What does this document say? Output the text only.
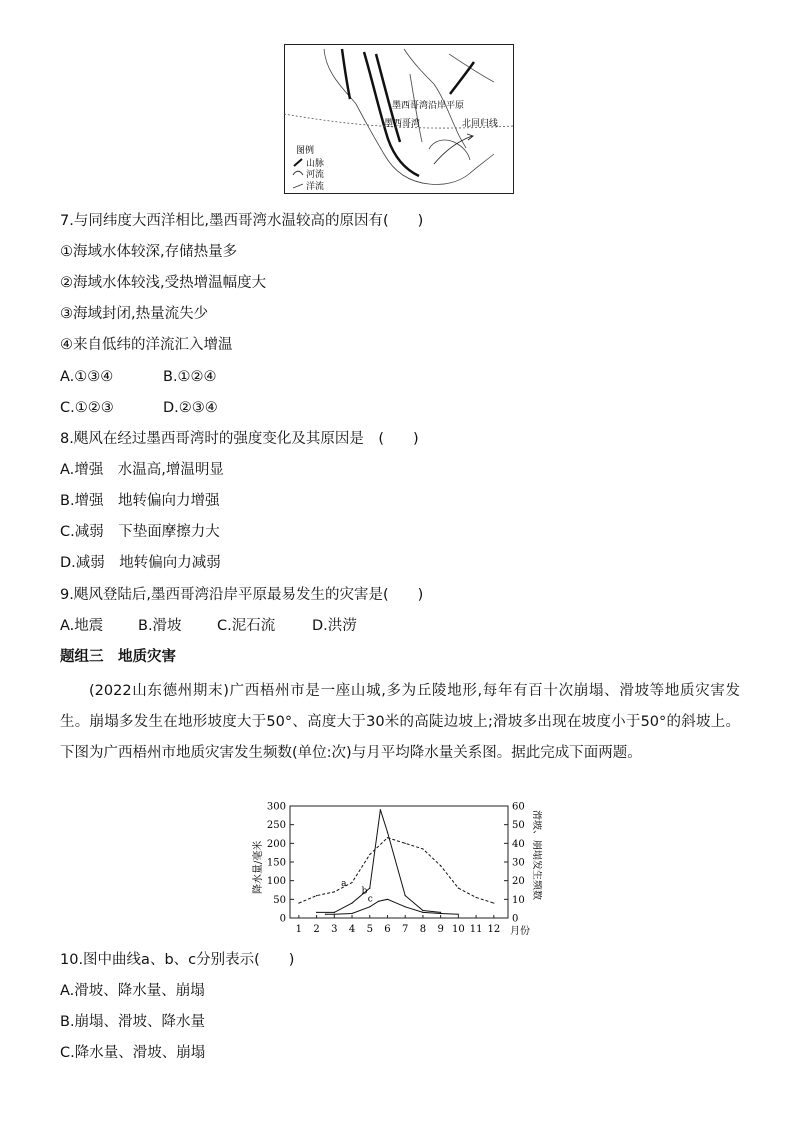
墨西哥湾沿岸平原
北回归线
墨西哥湾
图例
山脉
河流
洋流
7.与同纬度大西洋相比,墨西哥湾水温较高的原因有(　　)
①海域水体较深,存储热量多
②海域水体较浅,受热增温幅度大
③海域封闭,热量流失少
④来自低纬的洋流汇入增温
A.①③④	B.①②④
C.①②③	D.②③④
8.飓风在经过墨西哥湾时的强度变化及其原因是　(　　)
A.增强　水温高,增温明显
B.增强　地转偏向力增强
C.减弱　下垫面摩擦力大
D.减弱　地转偏向力减弱
9.飓风登陆后,墨西哥湾沿岸平原最易发生的灾害是(　　)
A.地震 B.滑坡 C.泥石流	D.洪涝
题组三　地质灾害
(2022山东德州期末)广西梧州市是一座山城,多为丘陵地形,每年有百十次崩塌、滑坡等地质灾害发生。崩塌多发生在地形坡度大于50°、高度大于30米的高陡边坡上;滑坡多出现在坡度小于50°的斜坡上。下图为广西梧州市地质灾害发生频数(单位:次)与月平均降水量关系图。据此完成下面两题。
0
50
100
150
200
250
300
0
10
20
30
40
50
60
1 2 3 4 5 6 7 8 9 10 11 12
a
b
c
降水量/毫米	滑坡、崩塌发生频数
月份
10.图中曲线a、b、c分别表示(　　)
A.滑坡、降水量、崩塌
B.崩塌、滑坡、降水量
C.降水量、滑坡、崩塌
